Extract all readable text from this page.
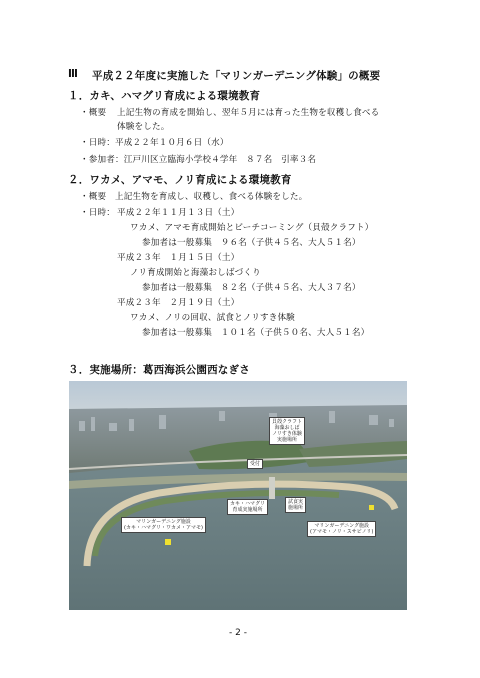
Ⅲ 平成２２年度に実施した「マリンガーデニング体験」の概要
１．カキ、ハマグリ育成による環境教育
・概要 上記生物の育成を開始し、翌年５月には育った生物を収穫し食べる
体験をした。
・日時：平成２２年１０月６日（水）
・参加者：江戸川区立臨海小学校４学年　８７名　引率３名
２．ワカメ、アマモ、ノリ育成による環境教育
・概要　上記生物を育成し、収穫し、食べる体験をした。
・日時： 平成２２年１１月１３日（土）
ワカメ、アマモ育成開始とビーチコーミング（貝殻クラフト）
参加者は一般募集　９６名（子供４５名、大人５１名）
平成２３年　１月１５日（土）
ノリ育成開始と海藻おしばづくり
参加者は一般募集　８２名（子供４５名、大人３７名）
平成２３年　２月１９日（土）
ワカメ、ノリの回収、試食とノリすき体験
参加者は一般募集　１０１名（子供５０名、大人５１名）
３．実施場所：葛西海浜公園西なぎさ
貝殻クラフト
海藻おしば
ノリすき体験
実施場所
受付
カキ・ハマグリ
育成実施場所
試食実
施場所
マリンガーデニング施設
(カキ・ハマグリ・ワカメ・アマモ)	マリンガーデニング施設
(アマモ・ノリ・スサビノリ)
- 2 -
